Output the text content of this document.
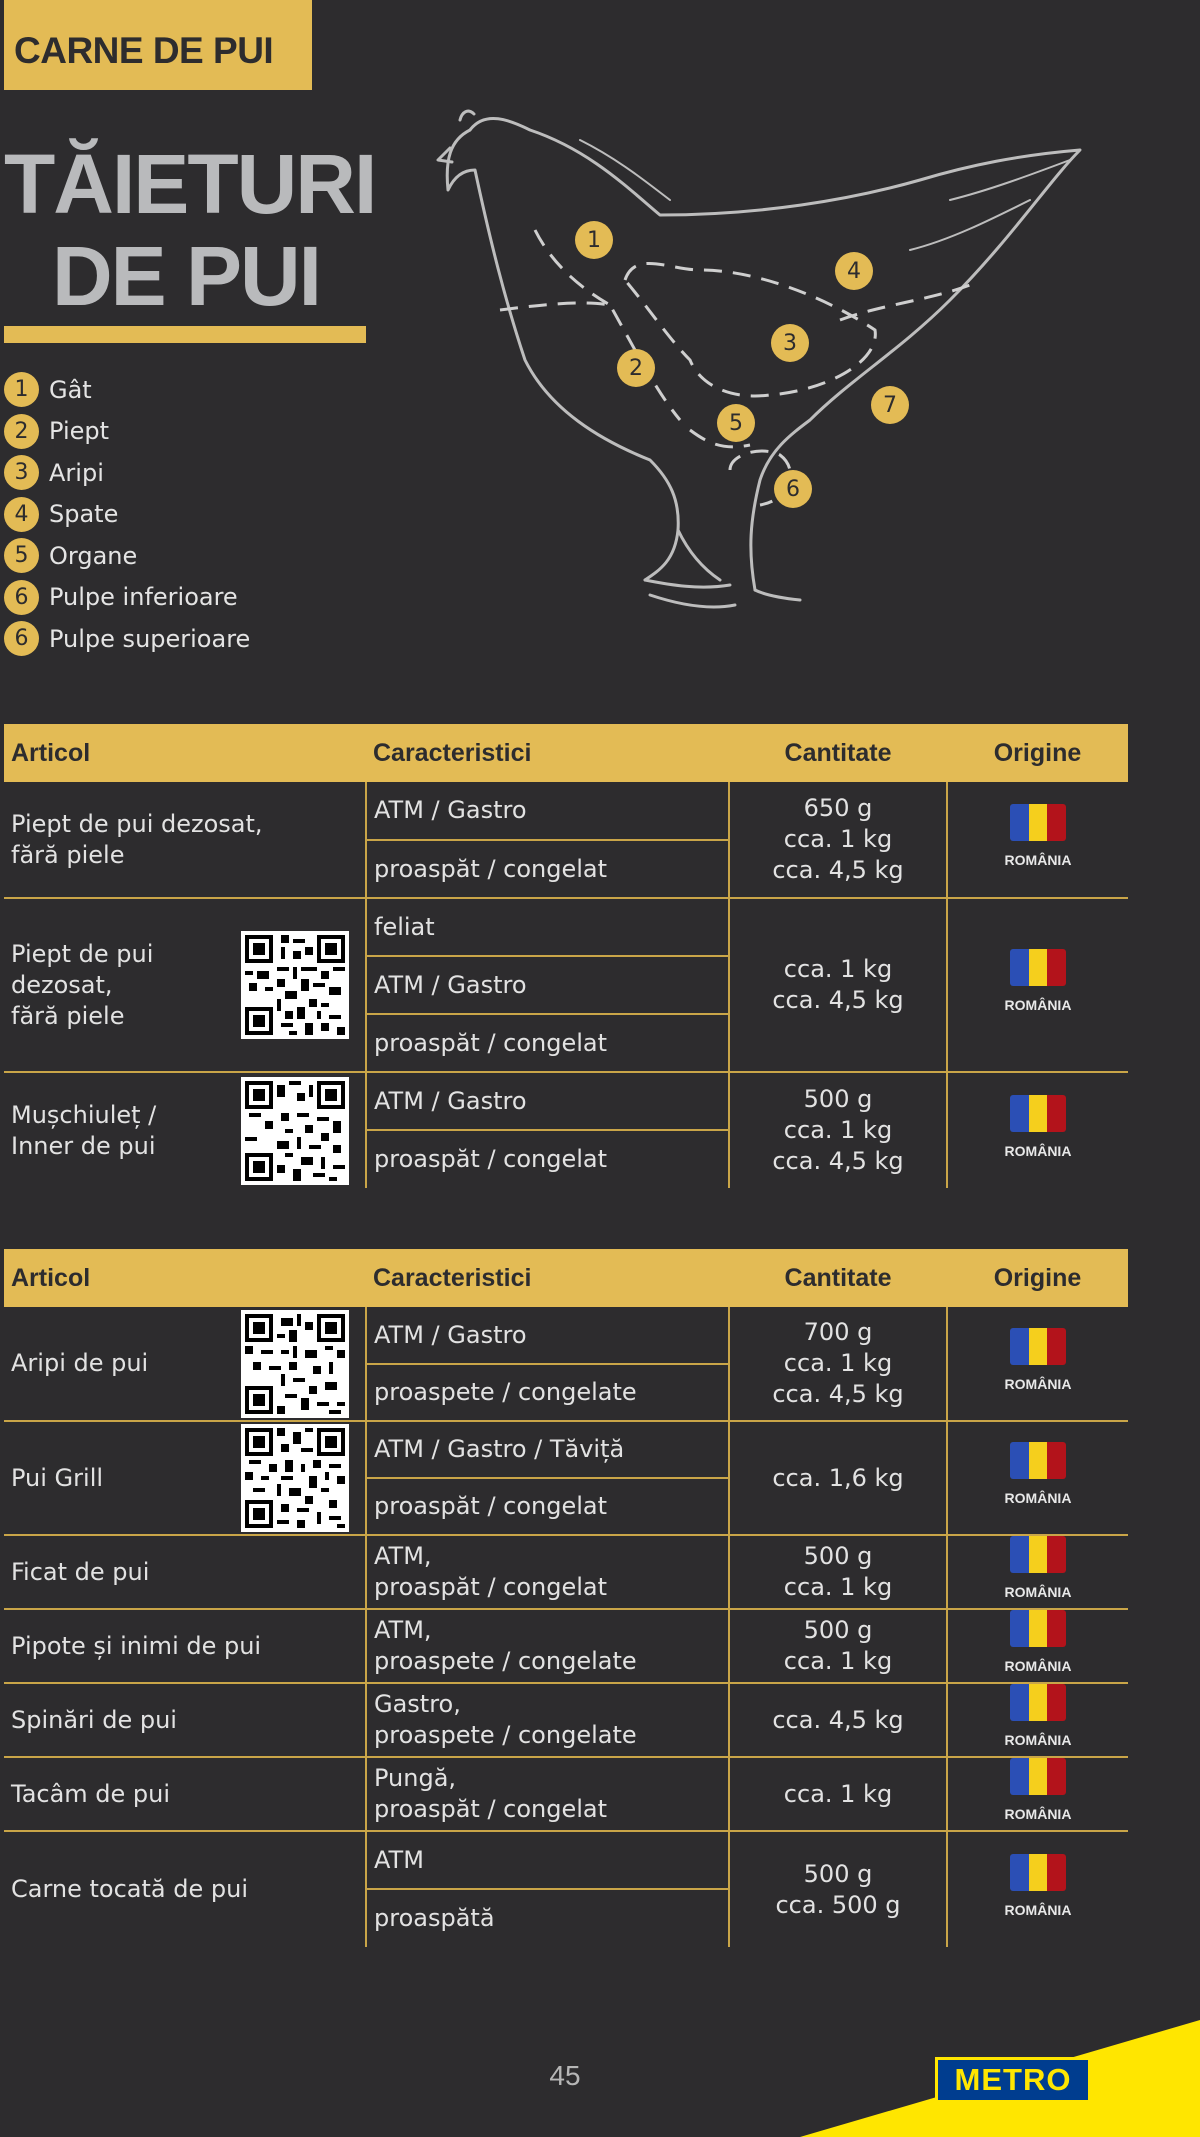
CARNE DE PUI
TĂIETURI
DE PUI
1 Gât
2 Piept
3 Aripi
4 Spate
5 Organe
6 Pulpe inferioare
6 Pulpe superioare
1
2
3
4
5
6
7
Articol	Caracteristici	Cantitate	Origine
Piept de pui dezosat,
fără piele	ATM / Gastro	650 g
cca. 1 kg
cca. 4,5 kg	ROMÂNIA

	proaspăt / congelat		
Piept de pui
dezosat,
fără piele	feliat	cca. 1 kg
cca. 4,5 kg	ROMÂNIA

	ATM / Gastro		
	proaspăt / congelat		
Mușchiuleț /
Inner de pui	ATM / Gastro	500 g
cca. 1 kg
cca. 4,5 kg	ROMÂNIA

	proaspăt / congelat		
Articol	Caracteristici	Cantitate	Origine
Aripi de pui	ATM / Gastro	700 g
cca. 1 kg
cca. 4,5 kg	ROMÂNIA

	proaspete / congelate		
Pui Grill	ATM / Gastro / Tăviță	cca. 1,6 kg	ROMÂNIA

	proaspăt / congelat		
Ficat de pui	ATM,
proaspăt / congelat	500 g
cca. 1 kg	ROMÂNIA

Pipote și inimi de pui	ATM,
proaspete / congelate	500 g
cca. 1 kg	ROMÂNIA

Spinări de pui	Gastro,
proaspete / congelate	cca. 4,5 kg	ROMÂNIA

Tacâm de pui	Pungă,
proaspăt / congelat	cca. 1 kg	ROMÂNIA

Carne tocată de pui	ATM	500 g
cca. 500 g	ROMÂNIA

	proaspătă		
45	METRO
